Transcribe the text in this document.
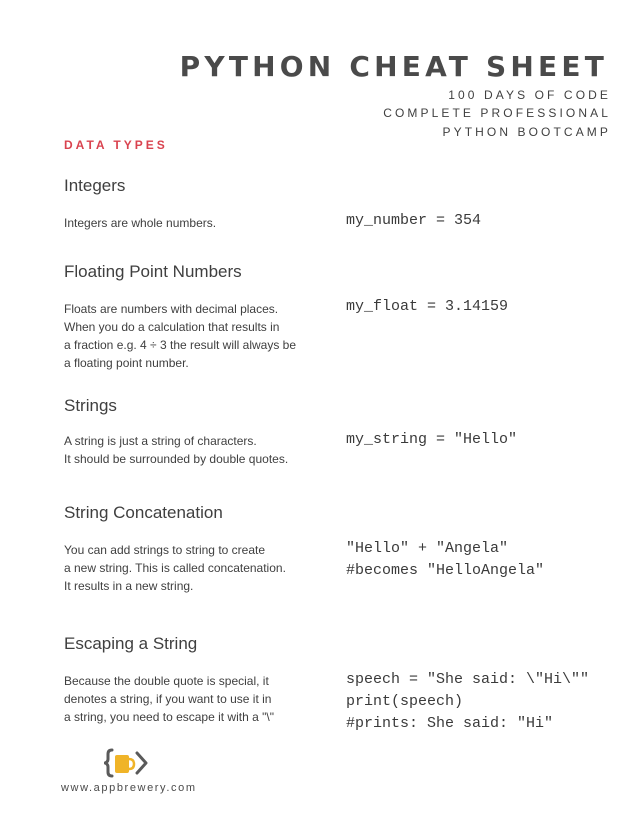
PYTHON CHEAT SHEET
100 DAYS OF CODE
COMPLETE PROFESSIONAL
PYTHON BOOTCAMP
DATA TYPES
Integers
Integers are whole numbers.	my_number = 354
Floating Point Numbers
Floats are numbers with decimal places.
When you do a calculation that results in
a fraction e.g. 4 ÷ 3 the result will always be
a floating point number.
my_float = 3.14159
Strings
A string is just a string of characters.
It should be surrounded by double quotes.
my_string = "Hello"
String Concatenation
You can add strings to string to create
a new string. This is called concatenation.
It results in a new string.
"Hello" + "Angela"
#becomes "HelloAngela"
Escaping a String
Because the double quote is special, it
denotes a string, if you want to use it in
a string, you need to escape it with a "\"
speech = "She said: \"Hi\""
print(speech)
#prints: She said: "Hi"
www.appbrewery.com
